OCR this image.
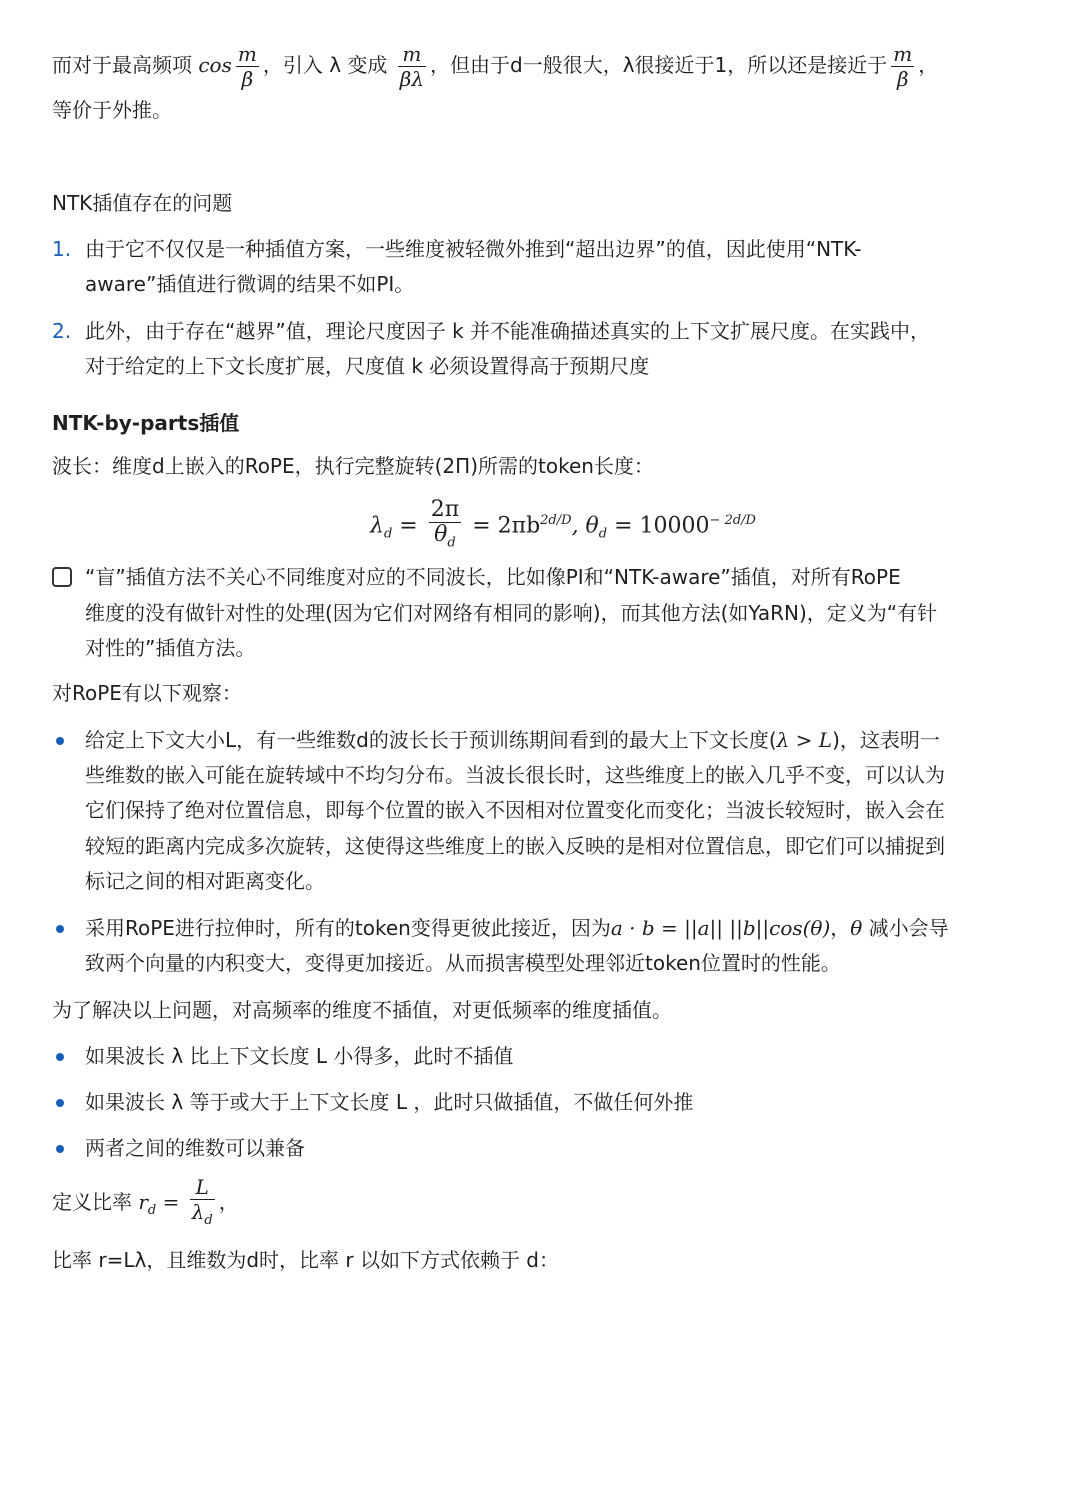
而对于最高频项 $\cos \frac{m}{\beta}$ ，引入 λ 变成 $\frac{m}{\beta\lambda}$ ，但由于d一般很大，λ很接近于1，所以还是接近于 $\frac{m}{\beta}$ ，
等价于外推。
NTK插值存在的问题
1. 由于它不仅仅是一种插值方案，一些维度被轻微外推到“超出边界”的值，因此使用“NTK-
aware”插值进行微调的结果不如PI。
2. 此外，由于存在“越界”值，理论尺度因子 k 并不能准确描述真实的上下文扩展尺度。在实践中，
对于给定的上下文长度扩展，尺度值 k 必须设置得高于预期尺度
NTK-by-parts插值
波长：维度d上嵌入的RoPE，执行完整旋转(2Π)所需的token长度：
$\lambda_d = \frac{2\pi}{\theta_d} = 2\pi b^{2d/D}$, $\theta_d = 10000^{- 2d/D}$
“盲”插值方法不关心不同维度对应的不同波长，比如像PI和“NTK-aware”插值，对所有RoPE
维度的没有做针对性的处理(因为它们对网络有相同的影响)，而其他方法(如YaRN)，定义为“有针
对性的”插值方法。
对RoPE有以下观察：
给定上下文大小L，有一些维数d的波长长于预训练期间看到的最大上下文长度(λ > L)，这表明一
些维数的嵌入可能在旋转域中不均匀分布。当波长很长时，这些维度上的嵌入几乎不变，可以认为
它们保持了绝对位置信息，即每个位置的嵌入不因相对位置变化而变化；当波长较短时，嵌入会在
较短的距离内完成多次旋转，这使得这些维度上的嵌入反映的是相对位置信息，即它们可以捕捉到
标记之间的相对距离变化。
采用RoPE进行拉伸时，所有的token变得更彼此接近，因为a · b = ||a|| ||b||cos(θ)，θ 减小会导
致两个向量的内积变大，变得更加接近。从而损害模型处理邻近token位置时的性能。
为了解决以上问题，对高频率的维度不插值，对更低频率的维度插值。
如果波长 λ 比上下文长度 L 小得多，此时不插值
如果波长 λ 等于或大于上下文长度 L ，此时只做插值，不做任何外推
两者之间的维数可以兼备
定义比率 $r_d = \frac{L}{\lambda_d}$ ，
比率 r=Lλ，且维数为d时，比率 r 以如下方式依赖于 d：
